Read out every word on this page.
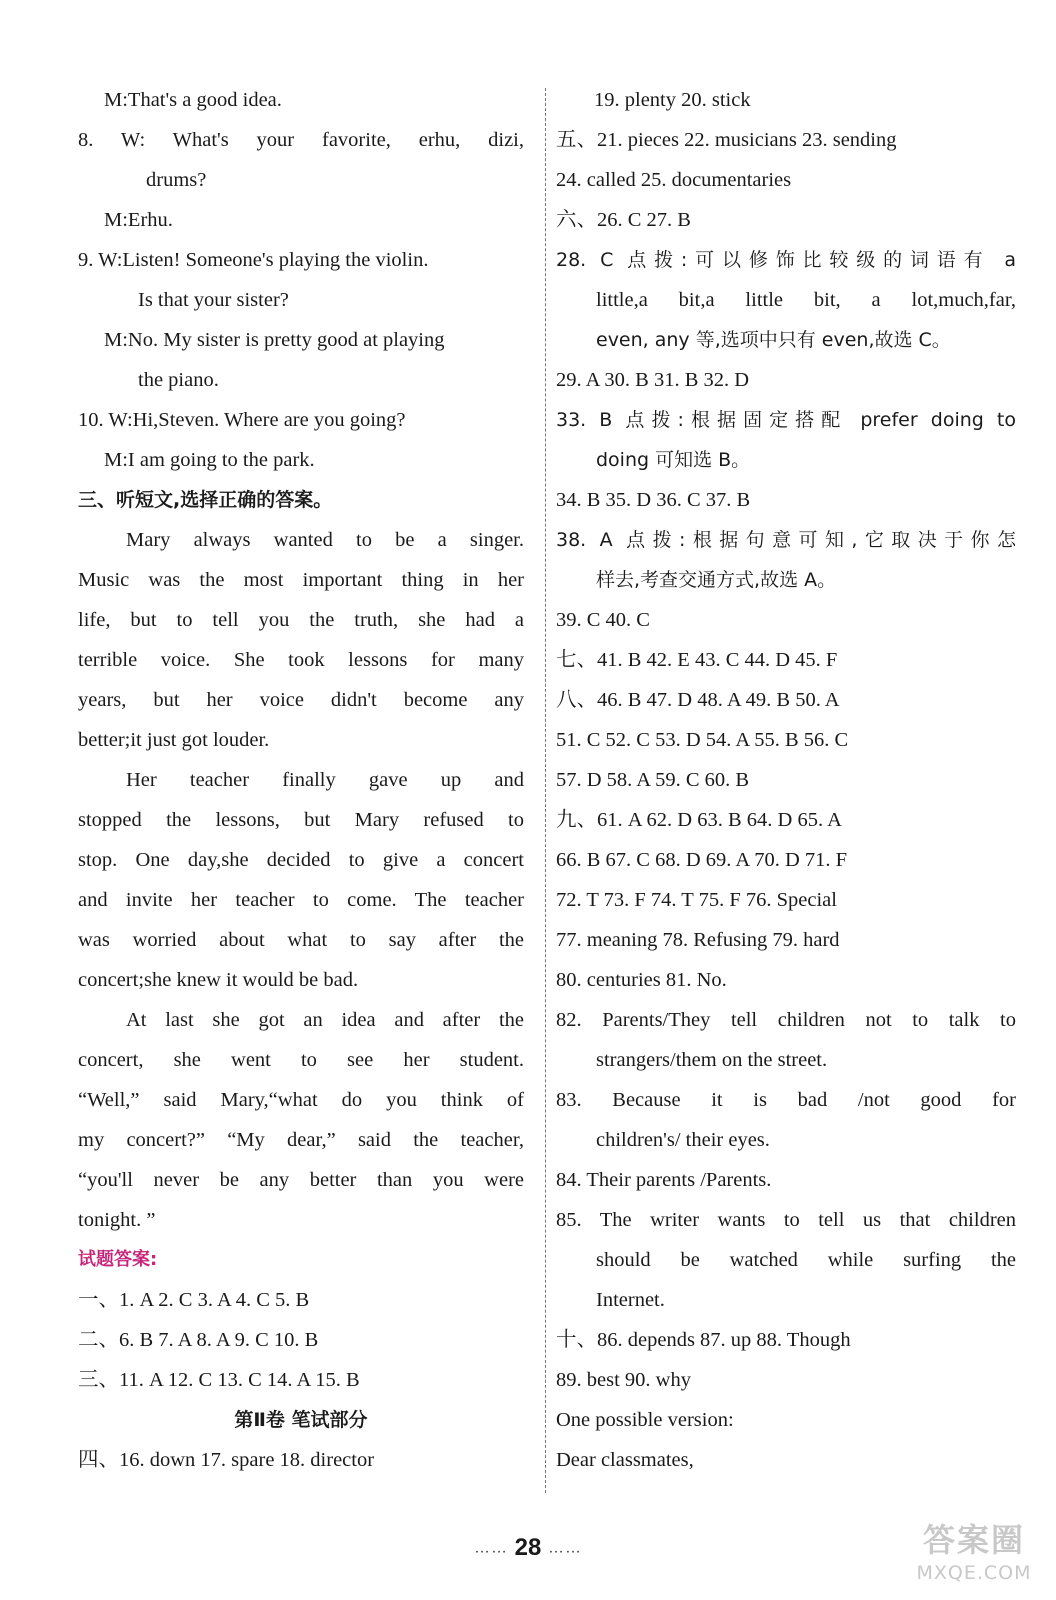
M:That's a good idea.
8. W: What's your favorite, erhu, dizi,
drums?
M:Erhu.
9. W:Listen! Someone's playing the violin.
Is that your sister?
M:No. My sister is pretty good at playing
the piano.
10. W:Hi,Steven. Where are you going?
M:I am going to the park.
三、听短文,选择正确的答案。
Mary always wanted to be a singer.
Music was the most important thing in her
life, but to tell you the truth, she had a
terrible voice. She took lessons for many
years, but her voice didn't become any
better;it just got louder.
Her teacher finally gave up and
stopped the lessons, but Mary refused to
stop. One day,she decided to give a concert
and invite her teacher to come. The teacher
was worried about what to say after the
concert;she knew it would be bad.
At last she got an idea and after the
concert, she went to see her student.
“Well,” said Mary,“what do you think of
my concert?” “My dear,” said the teacher,
“you'll never be any better than you were
tonight. ”
试题答案:
一、1. A 2. C 3. A 4. C 5. B
二、6. B 7. A 8. A 9. C 10. B
三、11. A 12. C 13. C 14. A 15. B
第Ⅱ卷 笔试部分
四、16. down 17. spare 18. director
19. plenty 20. stick
五、21. pieces 22. musicians 23. sending
24. called 25. documentaries
六、26. C 27. B
28. C 点拨:可以修饰比较级的词语有 a
little,a bit,a little bit, a lot,much,far,
even, any 等,选项中只有 even,故选 C。
29. A 30. B 31. B 32. D
33. B 点拨:根据固定搭配 prefer doing to
doing 可知选 B。
34. B 35. D 36. C 37. B
38. A 点拨:根据句意可知,它取决于你怎
样去,考查交通方式,故选 A。
39. C 40. C
七、41. B 42. E 43. C 44. D 45. F
八、46. B 47. D 48. A 49. B 50. A
51. C 52. C 53. D 54. A 55. B 56. C
57. D 58. A 59. C 60. B
九、61. A 62. D 63. B 64. D 65. A
66. B 67. C 68. D 69. A 70. D 71. F
72. T 73. F 74. T 75. F 76. Special
77. meaning 78. Refusing 79. hard
80. centuries 81. No.
82. Parents/They tell children not to talk to
strangers/them on the street.
83. Because it is bad /not good for
children's/ their eyes.
84. Their parents /Parents.
85. The writer wants to tell us that children
should be watched while surfing the
Internet.
十、86. depends 87. up 88. Though
89. best 90. why
One possible version:
Dear classmates,
…… 28 ……	答案圈
MXQE.COM
